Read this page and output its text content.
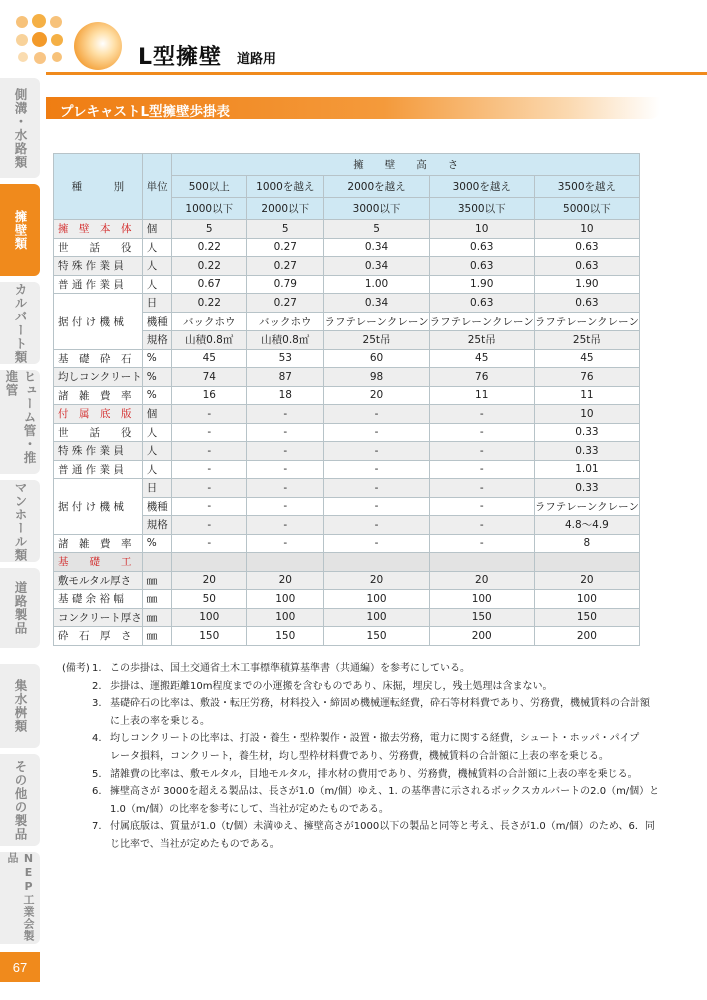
L型擁壁 道路用
側溝・水路類
擁壁類
カルバート類
ヒューム管・推進管
マンホール類
道路製品
集水桝類
その他の製品
NEP工業会製品
67
プレキャストL型擁壁歩掛表
種　　　別	単位	擁　　壁　　高　　さ				
		500以上	1000を越え	2000を越え	3000を越え	3500を越え
		1000以下	2000以下	3000以下	3500以下	5000以下
擁　壁　本　体	個	5	5	5	10	10
世　　話　　役	人	0.22	0.27	0.34	0.63	0.63
特 殊 作 業 員	人	0.22	0.27	0.34	0.63	0.63
普 通 作 業 員	人	0.67	0.79	1.00	1.90	1.90
据 付 け 機 械	日	0.22	0.27	0.34	0.63	0.63
	機種	バックホウ	バックホウ	ラフテレーンクレーン	ラフテレーンクレーン	ラフテレーンクレーン
	規格	山積0.8㎥	山積0.8㎥	25t吊	25t吊	25t吊
基　礎　砕　石	%	45	53	60	45	45
均しコンクリート	%	74	87	98	76	76
諸　雑　費　率	%	16	18	20	11	11
付　属　底　版	個	-	-	-	-	10
世　　話　　役	人	-	-	-	-	0.33
特 殊 作 業 員	人	-	-	-	-	0.33
普 通 作 業 員	人	-	-	-	-	1.01
据 付 け 機 械	日	-	-	-	-	0.33
	機種	-	-	-	-	ラフテレーンクレーン
	規格	-	-	-	-	4.8～4.9
諸　雑　費　率	%	-	-	-	-	8
基　　礎　　工						
敷モルタル厚さ	㎜	20	20	20	20	20
基 礎 余 裕 幅	㎜	50	100	100	100	100
コンクリート厚さ	㎜	100	100	100	150	150
砕　石　厚　さ	㎜	150	150	150	200	200
(備考) 1. この歩掛は、国土交通省土木工事標準積算基準書（共通編）を参考にしている。
2. 歩掛は、運搬距離10m程度までの小運搬を含むものであり、床掘，埋戻し，残土処理は含まない。
3. 基礎砕石の比率は、敷設・転圧労務，材料投入・締固め機械運転経費，砕石等材料費であり、労務費，機械賃料の合計額
に上表の率を乗じる。
4. 均しコンクリートの比率は、打設・養生・型枠製作・設置・撤去労務，電力に関する経費，シュート・ホッパ・パイプ
レータ損料，コンクリート，養生材，均し型枠材料費であり、労務費，機械賃料の合計額に上表の率を乗じる。
5. 諸雑費の比率は、敷モルタル，目地モルタル，排水材の費用であり、労務費，機械賃料の合計額に上表の率を乗じる。
6. 擁壁高さが 3000を超える製品は、長さが1.0（m/個）ゆえ、1. の基準書に示されるボックスカルバートの2.0（m/個）と
1.0（m/個）の比率を参考にして、当社が定めたものである。
7. 付属底版は、質量が1.0（t/個）未満ゆえ、擁壁高さが1000以下の製品と同等と考え、長さが1.0（m/個）のため、6．同
じ比率で、当社が定めたものである。
